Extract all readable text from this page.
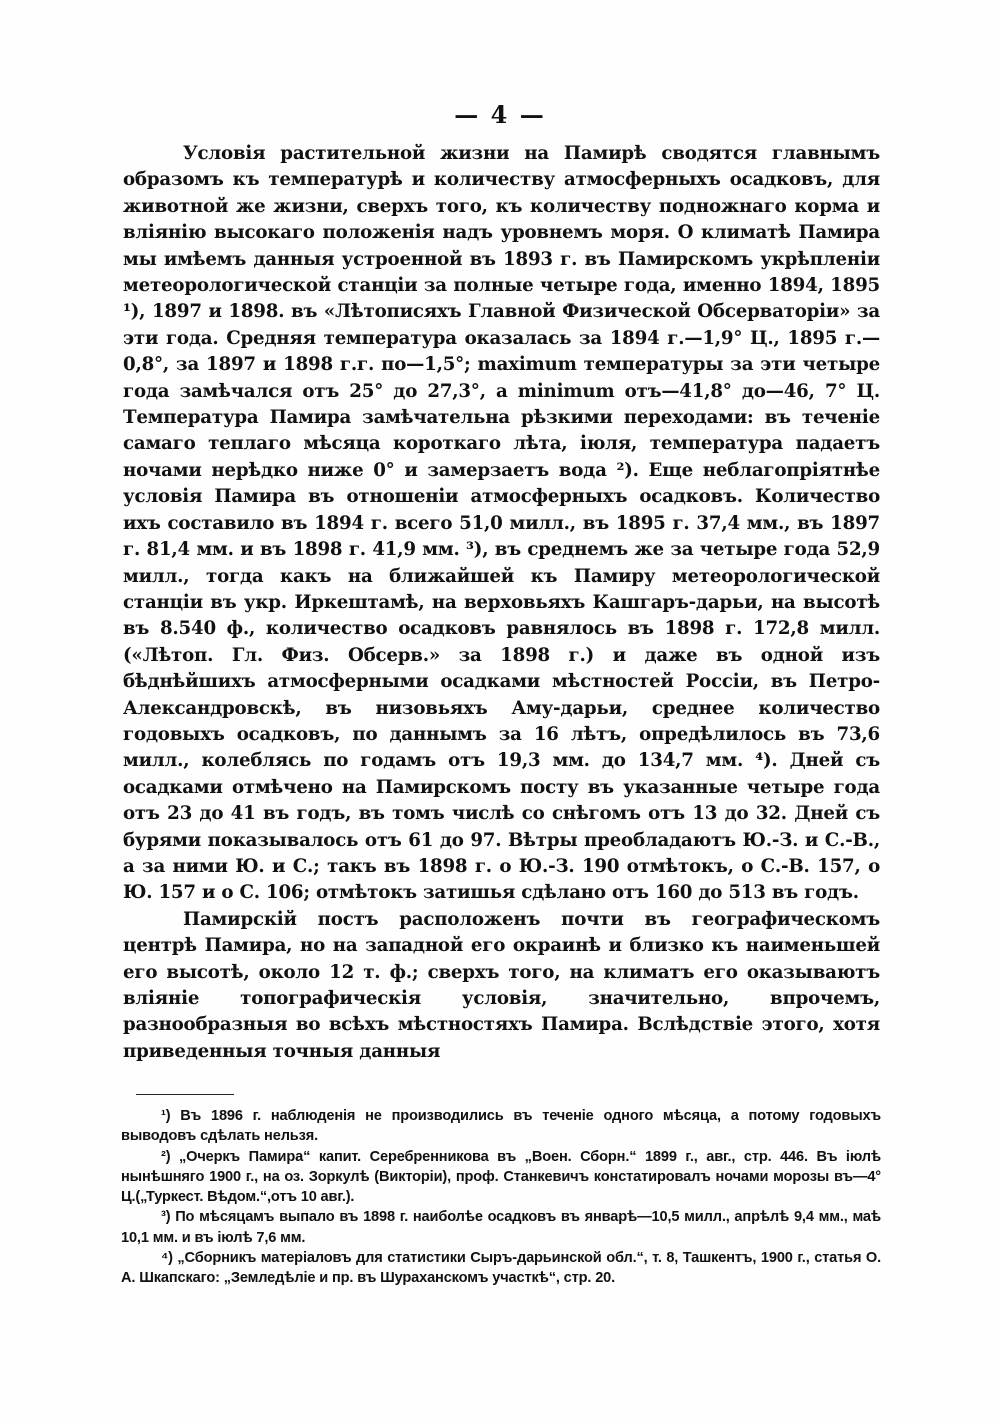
— 4 —

Условія растительной жизни на Памирѣ сводятся главнымъ образомъ къ температурѣ и количеству атмосферныхъ осадковъ, для животной же жизни, сверхъ того, къ количеству подножнаго корма и вліянію высокаго положенія надъ уровнемъ моря. О климатѣ Памира мы имѣемъ данныя устроенной въ 1893 г. въ Памирскомъ укрѣпленіи метеорологической станціи за полные четыре года, именно 1894, 1895 ¹), 1897 и 1898. въ «Лѣтописяхъ Главной Физической Обсерваторіи» за эти года. Средняя температура оказалась за 1894 г.—1,9° Ц., 1895 г.—0,8°, за 1897 и 1898 г.г. по—1,5°; maximum температуры за эти четыре года замѣчался отъ 25° до 27,3°, а minimum отъ—41,8° до—46, 7° Ц. Температура Памира замѣчательна рѣзкими переходами: въ теченіе самаго теплаго мѣсяца короткаго лѣта, іюля, температура падаетъ ночами нерѣдко ниже 0° и замерзаетъ вода ²). Еще неблагопріятнѣе условія Памира въ отношеніи атмосферныхъ осадковъ. Количество ихъ составило въ 1894 г. всего 51,0 милл., въ 1895 г. 37,4 мм., въ 1897 г. 81,4 мм. и въ 1898 г. 41,9 мм. ³), въ среднемъ же за четыре года 52,9 милл., тогда какъ на ближайшей къ Памиру метеорологической станціи въ укр. Иркештамѣ, на верховьяхъ Кашгаръ-дарьи, на высотѣ въ 8.540 ф., количество осадковъ равнялось въ 1898 г. 172,8 милл. («Лѣтоп. Гл. Физ. Обсерв.» за 1898 г.) и даже въ одной изъ бѣднѣйшихъ атмосферными осадками мѣстностей Россіи, въ Петро-Александровскѣ, въ низовьяхъ Аму-дарьи, среднее количество годовыхъ осадковъ, по даннымъ за 16 лѣтъ, опредѣлилось въ 73,6 милл., колеблясь по годамъ отъ 19,3 мм. до 134,7 мм. ⁴). Дней съ осадками отмѣчено на Памирскомъ посту въ указанные четыре года отъ 23 до 41 въ годъ, въ томъ числѣ со снѣгомъ отъ 13 до 32. Дней съ бурями показывалось отъ 61 до 97. Вѣтры преобладаютъ Ю.-З. и С.-В., а за ними Ю. и С.; такъ въ 1898 г. о Ю.-З. 190 отмѣтокъ, о С.-В. 157, о Ю. 157 и о С. 106; отмѣтокъ затишья сдѣлано отъ 160 до 513 въ годъ.

Памирскій постъ расположенъ почти въ географическомъ центрѣ Памира, но на западной его окраинѣ и близко къ наименьшей его высотѣ, около 12 т. ф.; сверхъ того, на климатъ его оказываютъ вліяніе топографическія условія, значительно, впрочемъ, разнообразныя во всѣхъ мѣстностяхъ Памира. Вслѣдствіе этого, хотя приведенныя точныя данныя

¹) Въ 1896 г. наблюденія не производились въ теченіе одного мѣсяца, а потому годовыхъ выводовъ сдѣлать нельзя.

²) „Очеркъ Памира“ капит. Серебренникова въ „Воен. Сборн.“ 1899 г., авг., стр. 446. Въ іюлѣ нынѣшняго 1900 г., на оз. Зоркулѣ (Викторіи), проф. Станкевичъ констатировалъ ночами морозы въ—4° Ц.(„Туркест. Вѣдом.“,отъ 10 авг.).

³) По мѣсяцамъ выпало въ 1898 г. наиболѣе осадковъ въ январѣ—10,5 милл., апрѣлѣ 9,4 мм., маѣ 10,1 мм. и въ іюлѣ 7,6 мм.

⁴) „Сборникъ матеріаловъ для статистики Сыръ-дарьинской обл.“, т. 8, Ташкентъ, 1900 г., статья О. А. Шкапскаго: „Земледѣліе и пр. въ Шураханскомъ участкѣ“, стр. 20.
